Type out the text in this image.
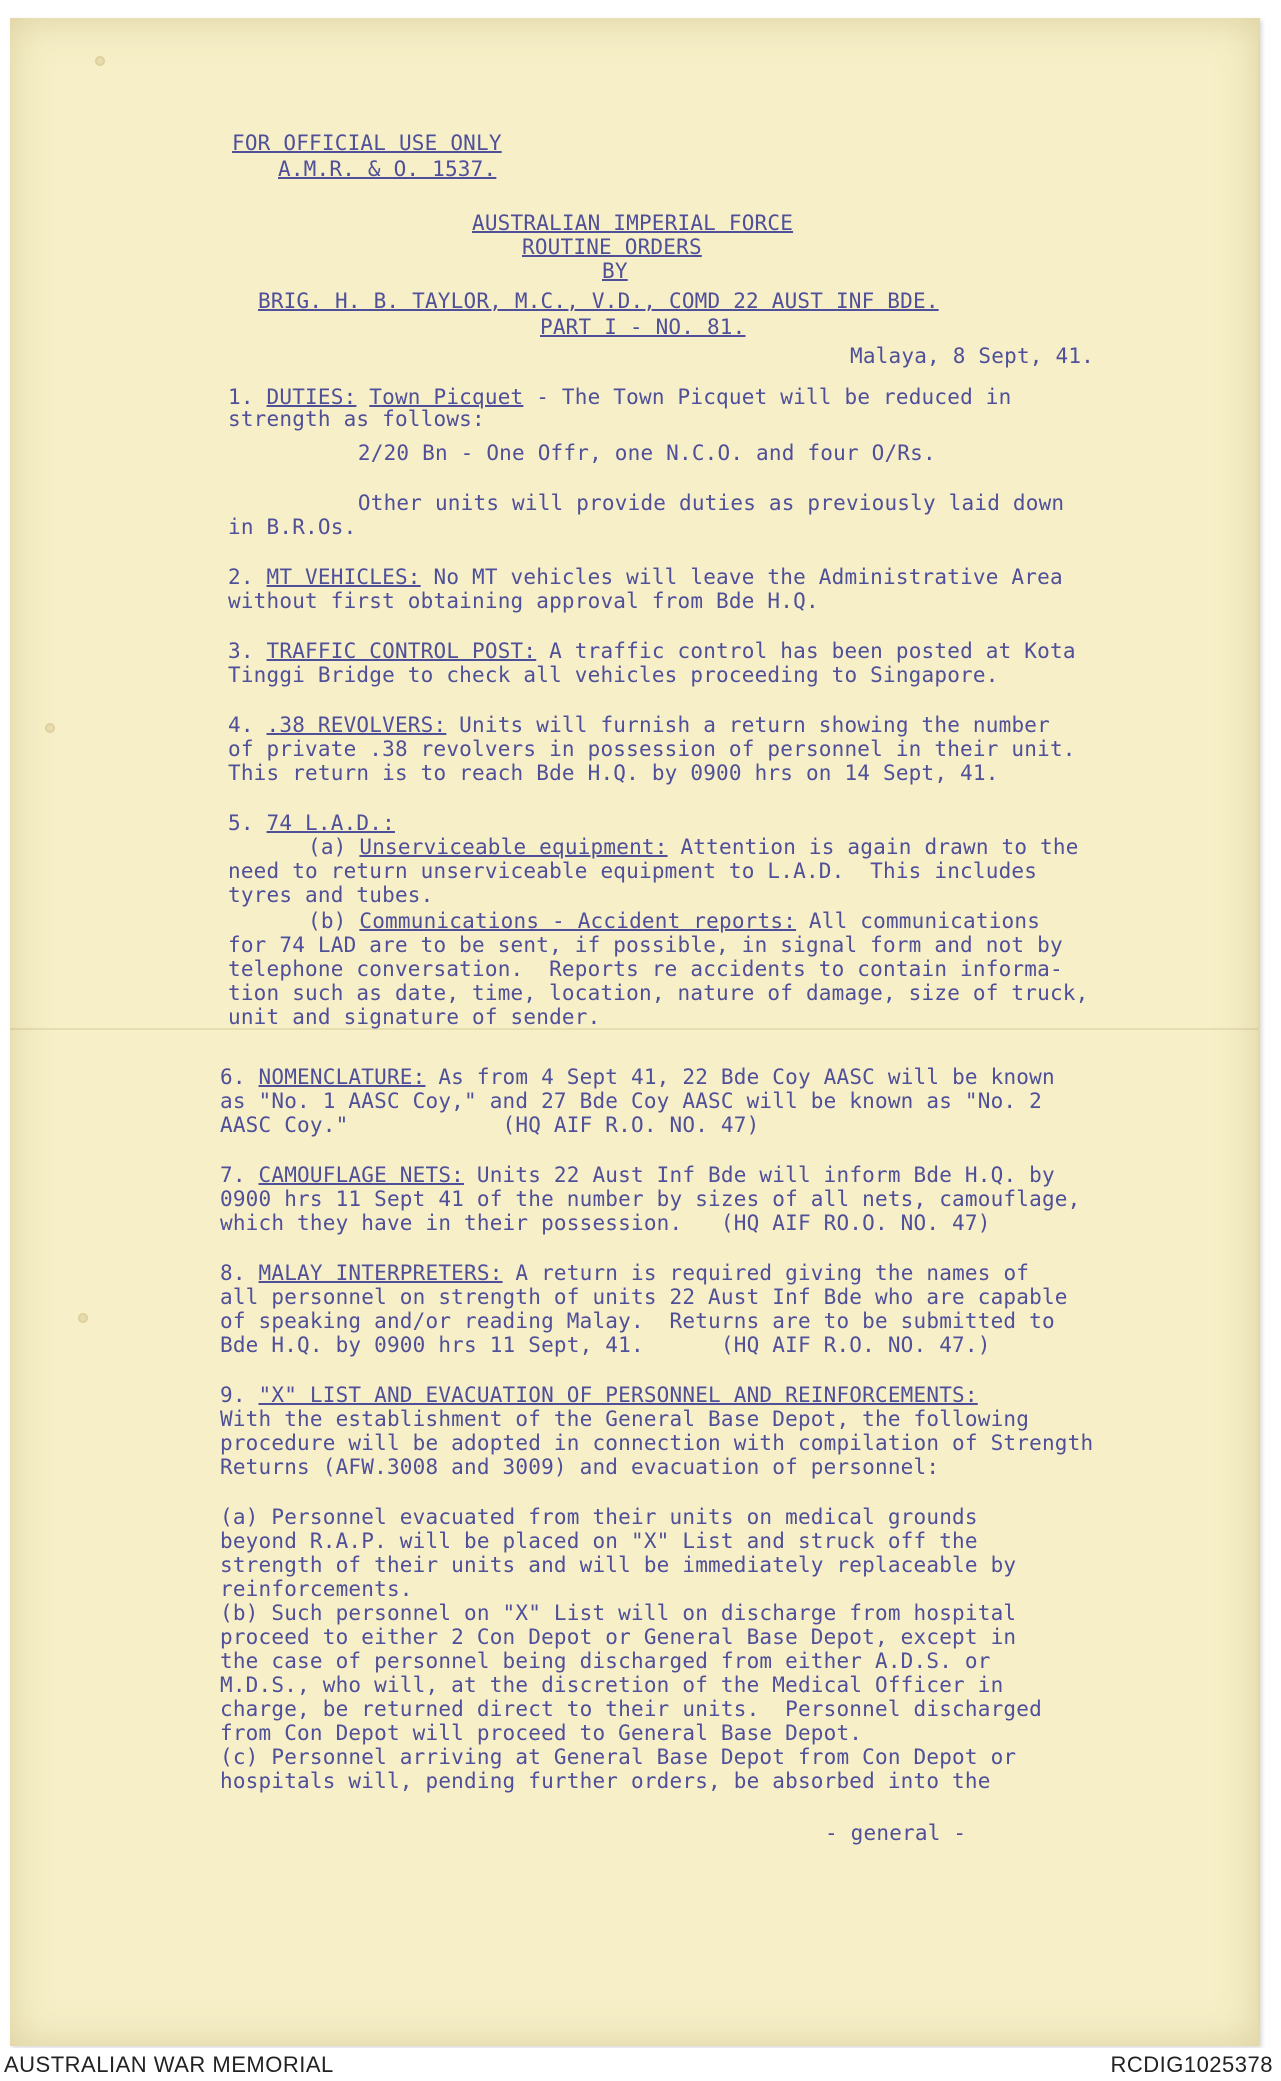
FOR OFFICIAL USE ONLY
A.M.R. & O. 1537.
AUSTRALIAN IMPERIAL FORCE
ROUTINE ORDERS
BY
BRIG. H. B. TAYLOR, M.C., V.D., COMD 22 AUST INF BDE.
PART I - NO. 81.
Malaya, 8 Sept, 41.
1. DUTIES: Town Picquet - The Town Picquet will be reduced in
strength as follows:
2/20 Bn - One Offr, one N.C.O. and four O/Rs.
Other units will provide duties as previously laid down
in B.R.Os.
2. MT VEHICLES: No MT vehicles will leave the Administrative Area
without first obtaining approval from Bde H.Q.
3. TRAFFIC CONTROL POST: A traffic control has been posted at Kota
Tinggi Bridge to check all vehicles proceeding to Singapore.
4. .38 REVOLVERS: Units will furnish a return showing the number
of private .38 revolvers in possession of personnel in their unit.
This return is to reach Bde H.Q. by 0900 hrs on 14 Sept, 41.
5. 74 L.A.D.:
(a) Unserviceable equipment: Attention is again drawn to the
need to return unserviceable equipment to L.A.D.  This includes
tyres and tubes.
(b) Communications - Accident reports: All communications
for 74 LAD are to be sent, if possible, in signal form and not by
telephone conversation.  Reports re accidents to contain informa-
tion such as date, time, location, nature of damage, size of truck,
unit and signature of sender.
6. NOMENCLATURE: As from 4 Sept 41, 22 Bde Coy AASC will be known
as "No. 1 AASC Coy," and 27 Bde Coy AASC will be known as "No. 2
AASC Coy."            (HQ AIF R.O. NO. 47)
7. CAMOUFLAGE NETS: Units 22 Aust Inf Bde will inform Bde H.Q. by
0900 hrs 11 Sept 41 of the number by sizes of all nets, camouflage,
which they have in their possession.   (HQ AIF RO.O. NO. 47)
8. MALAY INTERPRETERS: A return is required giving the names of
all personnel on strength of units 22 Aust Inf Bde who are capable
of speaking and/or reading Malay.  Returns are to be submitted to
Bde H.Q. by 0900 hrs 11 Sept, 41.      (HQ AIF R.O. NO. 47.)
9. "X" LIST AND EVACUATION OF PERSONNEL AND REINFORCEMENTS:
With the establishment of the General Base Depot, the following
procedure will be adopted in connection with compilation of Strength
Returns (AFW.3008 and 3009) and evacuation of personnel:
(a) Personnel evacuated from their units on medical grounds
beyond R.A.P. will be placed on "X" List and struck off the
strength of their units and will be immediately replaceable by
reinforcements.
(b) Such personnel on "X" List will on discharge from hospital
proceed to either 2 Con Depot or General Base Depot, except in
the case of personnel being discharged from either A.D.S. or
M.D.S., who will, at the discretion of the Medical Officer in
charge, be returned direct to their units.  Personnel discharged
from Con Depot will proceed to General Base Depot.
(c) Personnel arriving at General Base Depot from Con Depot or
hospitals will, pending further orders, be absorbed into the
- general -
AUSTRALIAN WAR MEMORIAL	RCDIG1025378
